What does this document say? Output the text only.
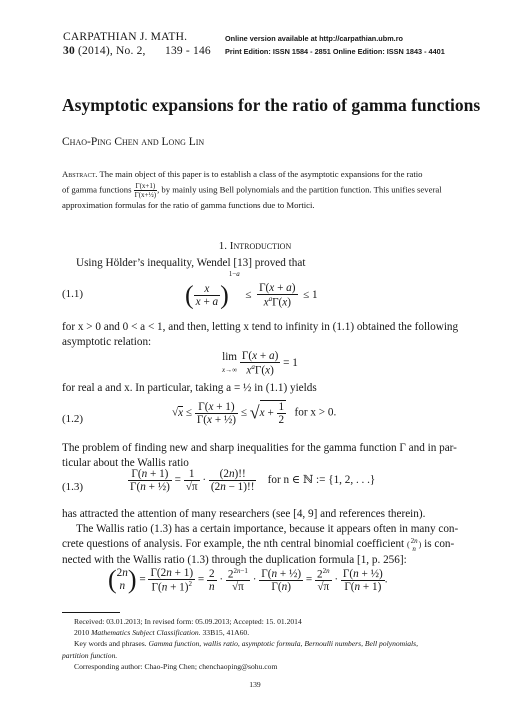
CARPATHIAN J. MATH.
30 (2014), No. 2, 139 - 146
Online version available at http://carpathian.ubm.ro
Print Edition: ISSN 1584 - 2851 Online Edition: ISSN 1843 - 4401
Asymptotic expansions for the ratio of gamma functions
Chao-Ping Chen and Long Lin
Abstract. The main object of this paper is to establish a class of the asymptotic expansions for the ratio
of gamma functions $\frac{\Gamma(x+1)}{\text{Γ(x+½)}}$ , by mainly using Bell polynomials and the partition function. This unifies several
approximation formulas for the ratio of gamma functions due to Mortici.
1. Introduction
Using Hölder’s inequality, Wendel [13] proved that
(1.1)	( $\frac{x}{x + a} )^{1-a} \le \frac{\Gamma(x + a)}{x^a\Gamma(x)} \le 1$
for x > 0 and 0 < a < 1, and then, letting x tend to infinity in (1.1) obtained the following
asymptotic relation:
lim
$x\to\infty \frac{\Gamma(x + a)}{x^a\Gamma(x)} = 1$
for real a and x. In particular, taking a = ½ in (1.1) yields
(1.2)
$√x \le \frac{\Gamma(x + 1)}{\text{Γ(x + ½)}} \le √x + \frac{1}{2}$ for x > 0.
The problem of finding new and sharp inequalities for the gamma function Γ and in par-
ticular about the Wallis ratio
(1.3)	$\frac{\Gamma(n + 1)}{\text{Γ(n + ½)}} = \frac{1}{√\pi} \cdot \frac{(2n)!!}{(2n - 1)!!}$ for n ∈ ℕ := {1, 2, . . .}
has attracted the attention of many researchers (see [4, 9] and references therein).
The Wallis ratio (1.3) has a certain importance, because it appears often in many con-
crete questions of analysis. For example, the nth central binomial coefficient ( 2n
n
) is con-
nected with the Wallis ratio (1.3) through the duplication formula [1, p. 256]:
(2n
n ) = $\frac{\Gamma(2n + 1)}{\Gamma(n + 1)^2} = \frac{2}{n} \cdot \frac{2^{2n-1}}{√\pi} \cdot \frac{\text{Γ(n + ½)}}{\Gamma(n)} = \frac{2^{2n}}{√\pi} \cdot \frac{\text{Γ(n + ½)}}{\Gamma(n + 1)}$ .
Received: 03.01.2013; In revised form: 05.09.2013; Accepted: 15. 01.2014
2010 Mathematics Subject Classification. 33B15, 41A60.
Key words and phrases. Gamma function, wallis ratio, asymptotic formula, Bernoulli numbers, Bell polynomials,
partition function.
Corresponding author: Chao-Ping Chen; chenchaoping@sohu.com
139
